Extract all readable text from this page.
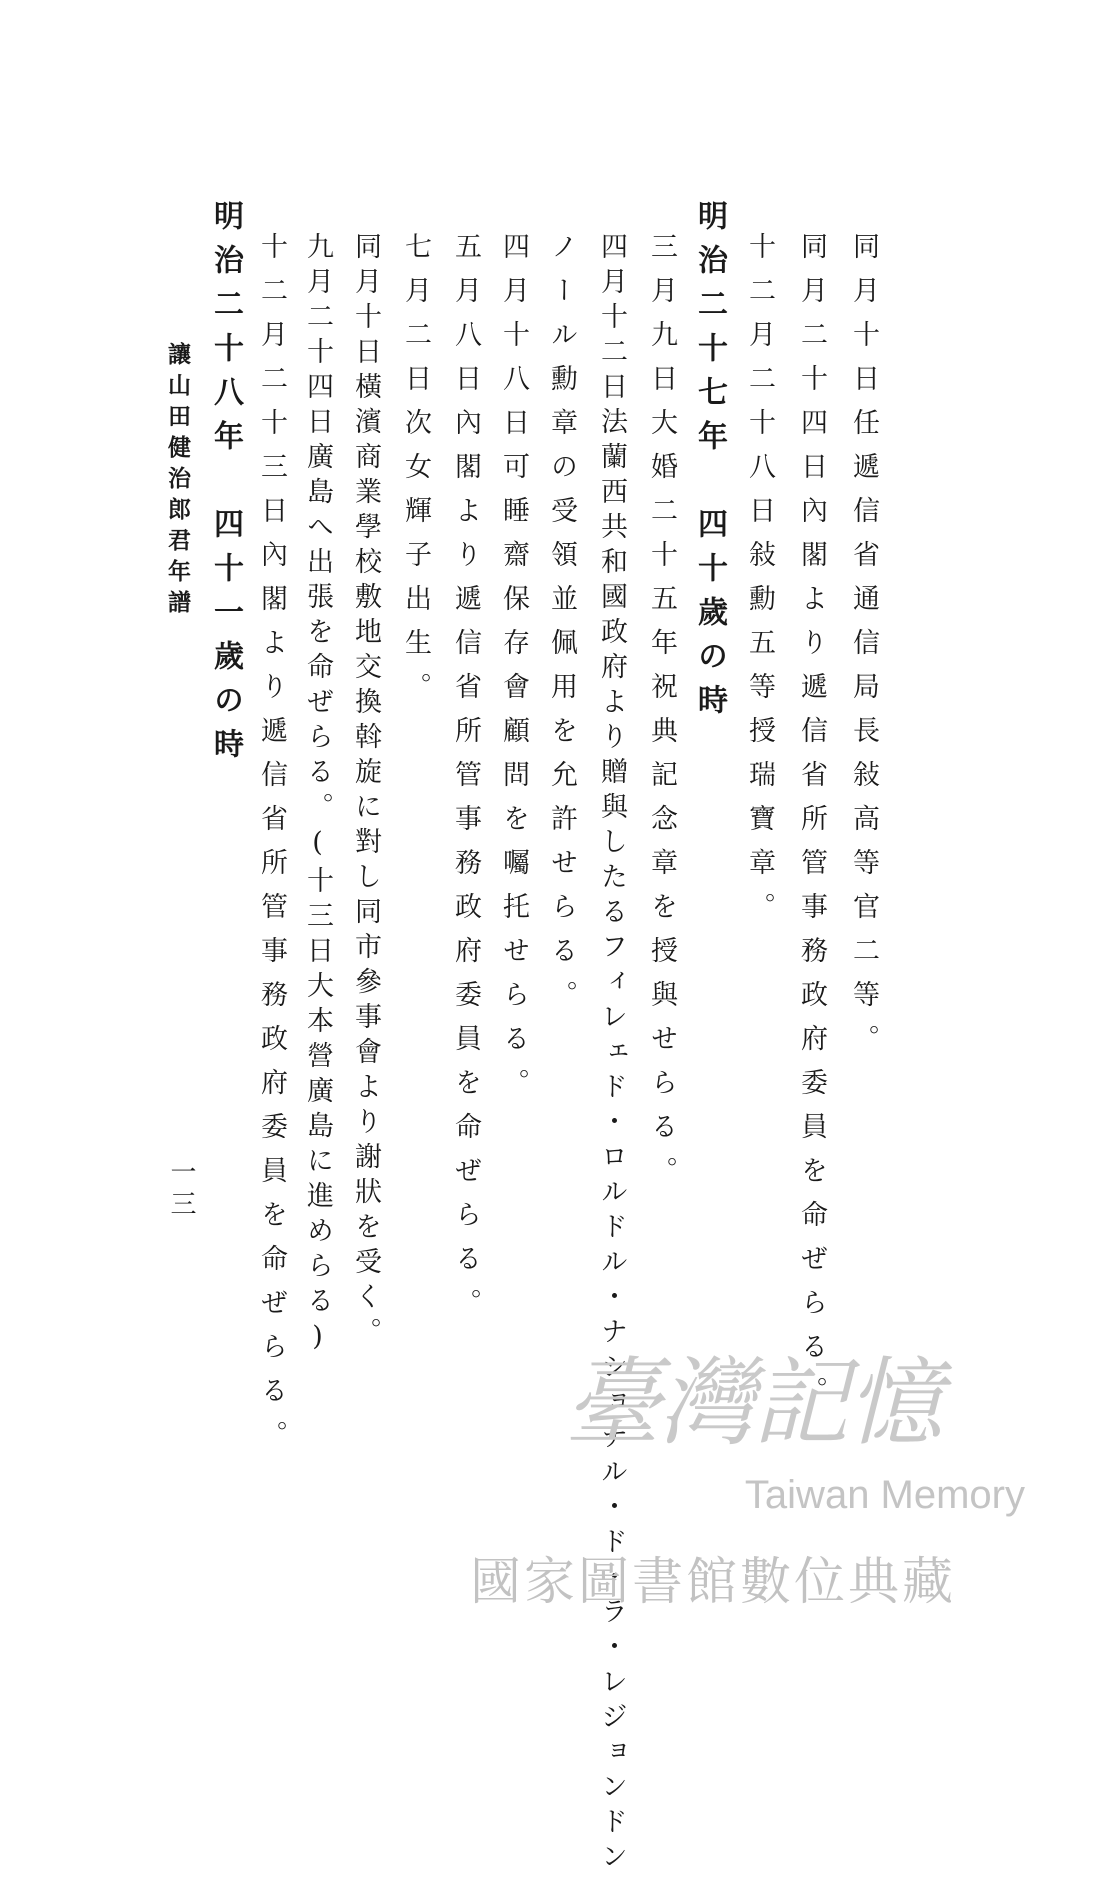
同月十日任遞信省通信局長敍高等官二等。
同月二十四日內閣より遞信省所管事務政府委員を命ぜらる。
十二月二十八日敍勳五等授瑞寶章。
明治二十七年　四十歲の時
三月九日大婚二十五年祝典記念章を授與せらる。
四月十二日法蘭西共和國政府より贈與したるフィレェド・ロルドル・ナショナル・ド・ラ・レジョンドン
ノール勳章の受領並佩用を允許せらる。
四月十八日可睡齋保存會顧問を囑托せらる。
五月八日內閣より遞信省所管事務政府委員を命ぜらる。
七月二日次女輝子出生。
同月十日橫濱商業學校敷地交換斡旋に對し同市參事會より謝狀を受く。
九月二十四日廣島へ出張を命ぜらる。(十三日大本營廣島に進めらる)
十二月二十三日內閣より遞信省所管事務政府委員を命ぜらる。
明治二十八年　四十一歲の時
讓山田健治郎君年譜
一三
臺灣記憶
Taiwan Memory
國家圖書館數位典藏
